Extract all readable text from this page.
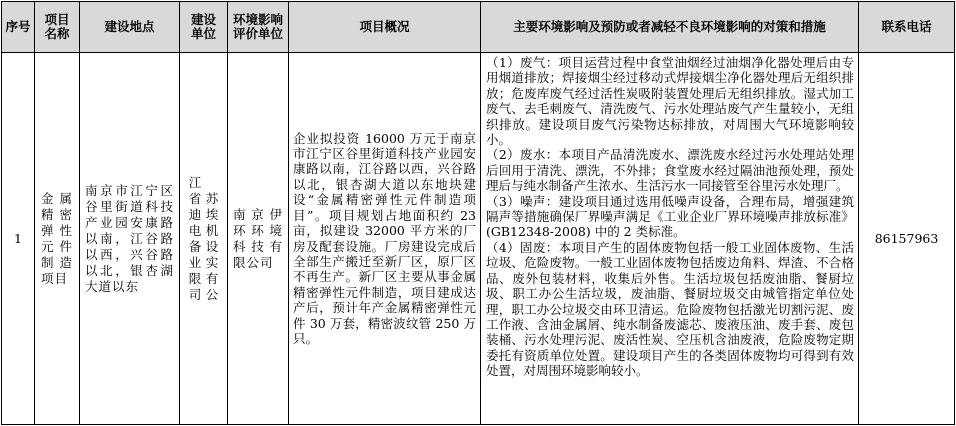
序号	项目名称	建设地点	建设单位	环境影响评价单位	项目概况	主要环境影响及预防或者减轻不良环境影响的对策和措施	联系电话
1	金属精密弹性元件制造项目	南京市江宁区谷里街道科技产业园安康路以南，江谷路以西，兴谷路以北，银杏湖大道以东	江省迪电备业限司 苏埃机设实有公	南京伊环环境科技有限公司	企业拟投资 16000 万元于南京市江宁区谷里街道科技产业园安康路以南，江谷路以西，兴谷路以北，银杏湖大道以东地块建设“金属精密弹性元件制造项目”。项目规划占地面积约 23 亩，拟建设 32000 平方米的厂房及配套设施。厂房建设完成后全部生产搬迁至新厂区，原厂区不再生产。新厂区主要从事金属精密弹性元件制造，项目建成达产后，预计年产金属精密弹性元件 30 万套，精密波纹管 250 万只。	（1）废气：项目运营过程中食堂油烟经过油烟净化器处理后由专用烟道排放；焊接烟尘经过移动式焊接烟尘净化器处理后无组织排放；危废库废气经过活性炭吸附装置处理后无组织排放。湿式加工废气、去毛刺废气、清洗废气、污水处理站废气产生量较小，无组织排放。建设项目废气污染物达标排放，对周围大气环境影响较小。

（2）废水：本项目产品清洗废水、漂洗废水经过污水处理站处理后回用于清洗、漂洗，不外排；食堂废水经过隔油池预处理，预处理后与纯水制备产生浓水、生活污水一同接管至谷里污水处理厂。

（3）噪声：建设项目通过选用低噪声设备，合理布局，增强建筑隔声等措施确保厂界噪声满足《工业企业厂界环境噪声排放标准》(GB12348-2008) 中的 2 类标准。

（4）固废：本项目产生的固体废物包括一般工业固体废物、生活垃圾、危险废物。一般工业固体废物包括废边角料、焊渣、不合格品、废外包装材料，收集后外售。生活垃圾包括废油脂、餐厨垃圾、职工办公生活垃圾，废油脂、餐厨垃圾交由城管指定单位处理，职工办公垃圾交由环卫清运。危险废物包括激光切割污泥、废工作液、含油金属屑、纯水制备废滤芯、废液压油、废手套、废包装桶、污水处理污泥、废活性炭、空压机含油废液，危险废物定期委托有资质单位处置。建设项目产生的各类固体废物均可得到有效处置，对周围环境影响较小。	86157963
